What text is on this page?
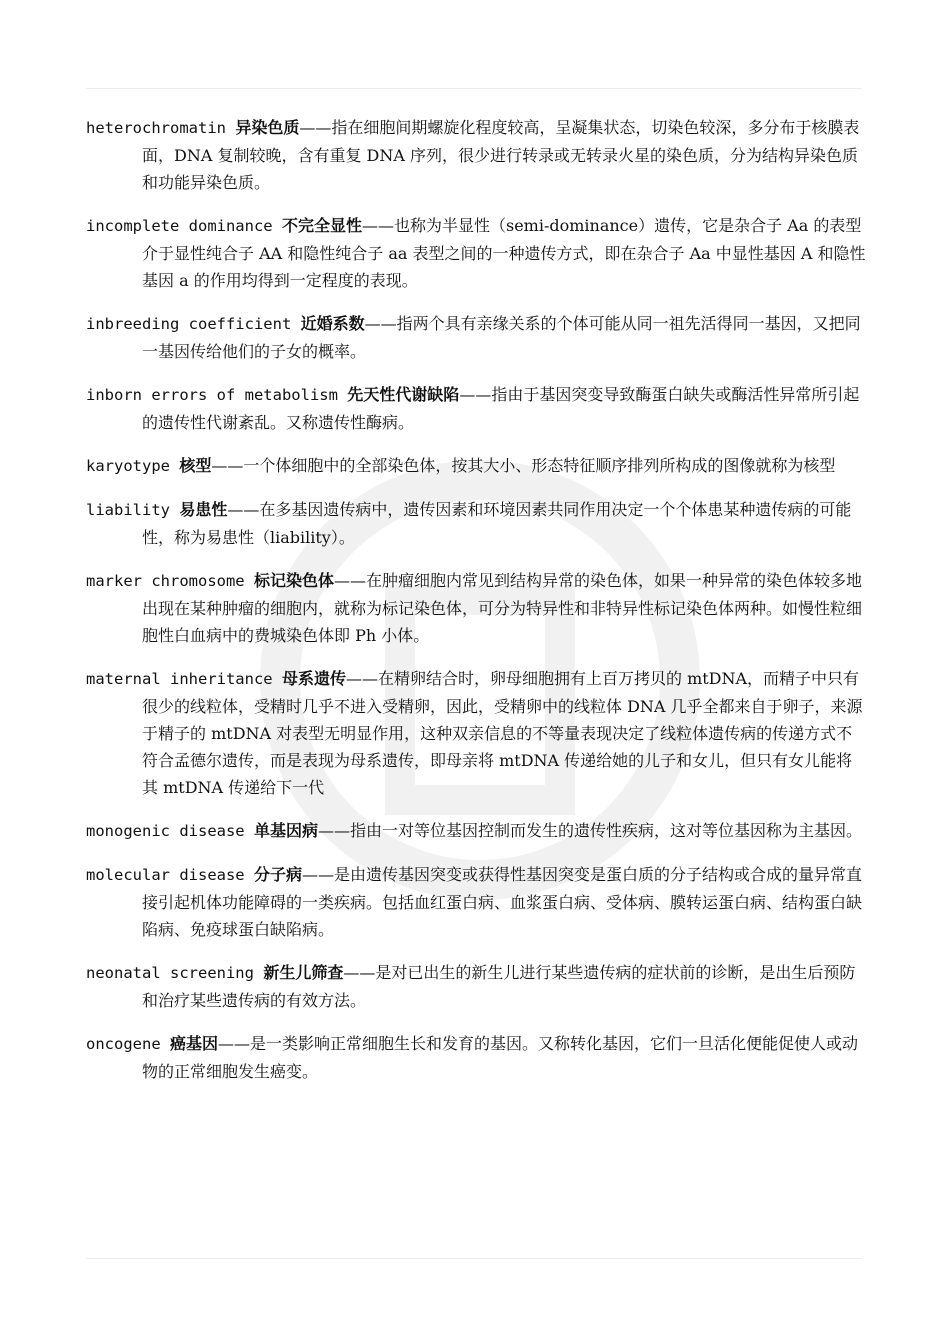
heterochromatin 异染色质——指在细胞间期螺旋化程度较高，呈凝集状态，切染色较深，多分布于核膜表面，DNA 复制较晚，含有重复 DNA 序列，很少进行转录或无转录火星的染色质，分为结构异染色质和功能异染色质。

incomplete dominance 不完全显性——也称为半显性（semi-dominance）遗传，它是杂合子 Aa 的表型介于显性纯合子 AA 和隐性纯合子 aa 表型之间的一种遗传方式，即在杂合子 Aa 中显性基因 A 和隐性基因 a 的作用均得到一定程度的表现。

inbreeding coefficient 近婚系数——指两个具有亲缘关系的个体可能从同一祖先活得同一基因，又把同一基因传给他们的子女的概率。

inborn errors of metabolism 先天性代谢缺陷——指由于基因突变导致酶蛋白缺失或酶活性异常所引起的遗传性代谢紊乱。又称遗传性酶病。

karyotype 核型——一个体细胞中的全部染色体，按其大小、形态特征顺序排列所构成的图像就称为核型

liability 易患性——在多基因遗传病中，遗传因素和环境因素共同作用决定一个个体患某种遗传病的可能性，称为易患性（liability）。

marker chromosome 标记染色体——在肿瘤细胞内常见到结构异常的染色体，如果一种异常的染色体较多地出现在某种肿瘤的细胞内，就称为标记染色体，可分为特异性和非特异性标记染色体两种。如慢性粒细胞性白血病中的费城染色体即 Ph 小体。

maternal inheritance 母系遗传——在精卵结合时，卵母细胞拥有上百万拷贝的 mtDNA，而精子中只有很少的线粒体，受精时几乎不进入受精卵，因此，受精卵中的线粒体 DNA 几乎全都来自于卵子，来源于精子的 mtDNA 对表型无明显作用，这种双亲信息的不等量表现决定了线粒体遗传病的传递方式不符合孟德尔遗传，而是表现为母系遗传，即母亲将 mtDNA 传递给她的儿子和女儿，但只有女儿能将其 mtDNA 传递给下一代

monogenic disease 单基因病——指由一对等位基因控制而发生的遗传性疾病，这对等位基因称为主基因。

molecular disease 分子病——是由遗传基因突变或获得性基因突变是蛋白质的分子结构或合成的量异常直接引起机体功能障碍的一类疾病。包括血红蛋白病、血浆蛋白病、受体病、膜转运蛋白病、结构蛋白缺陷病、免疫球蛋白缺陷病。

neonatal screening 新生儿筛查——是对已出生的新生儿进行某些遗传病的症状前的诊断，是出生后预防和治疗某些遗传病的有效方法。

oncogene 癌基因——是一类影响正常细胞生长和发育的基因。又称转化基因，它们一旦活化便能促使人或动物的正常细胞发生癌变。
